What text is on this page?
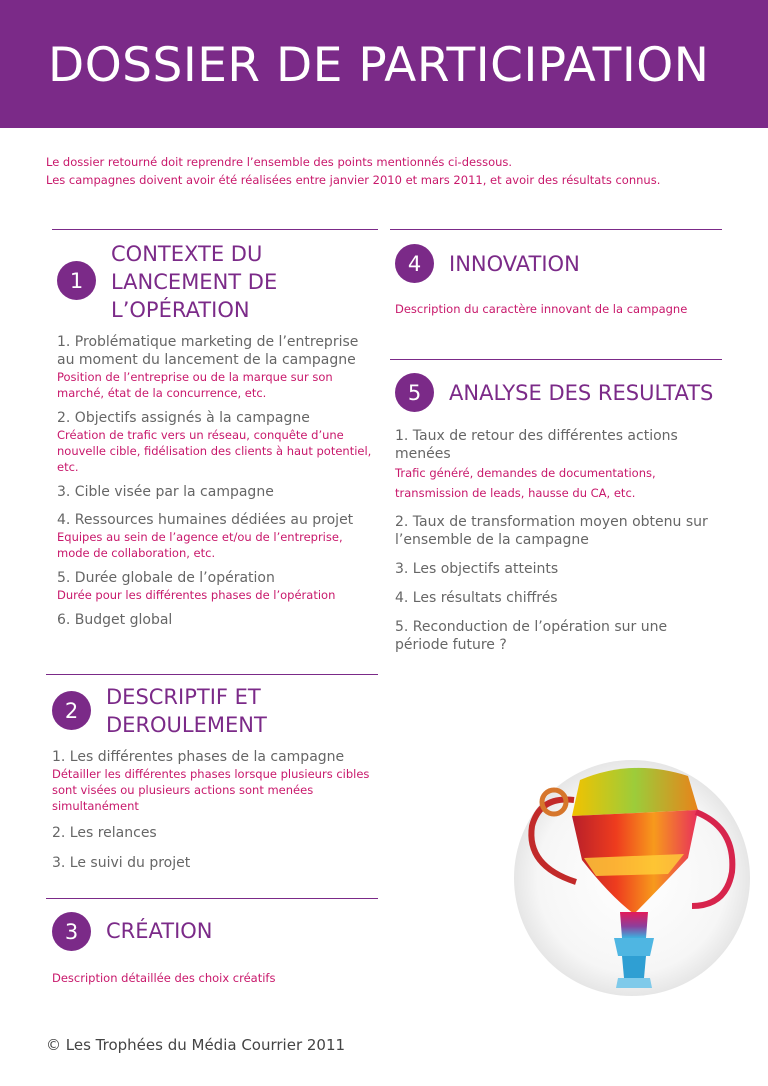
DOSSIER DE PARTICIPATION

Le dossier retourné doit reprendre l’ensemble des points mentionnés ci-dessous.

Les campagnes doivent avoir été réalisées entre janvier 2010 et mars 2011, et avoir des résultats connus.

1
CONTEXTE DU
LANCEMENT DE
L’OPÉRATION
1. Problématique marketing de l’entreprise au moment du lancement de la campagne
Position de l’entreprise ou de la marque sur son marché, état de la concurrence, etc.
2. Objectifs assignés à la campagne
Création de trafic vers un réseau, conquête d’une nouvelle cible, fidélisation des clients à haut potentiel, etc.
3. Cible visée par la campagne
4. Ressources humaines dédiées au projet
Equipes au sein de l’agence et/ou de l’entreprise, mode de collaboration, etc.
5. Durée globale de l’opération
Durée pour les différentes phases de l’opération
6. Budget global
2
DESCRIPTIF ET
DEROULEMENT
1. Les différentes phases de la campagne
Détailler les différentes phases lorsque plusieurs cibles sont visées ou plusieurs actions sont menées simultanément
2. Les relances
3. Le suivi du projet
3	CRÉATION
Description détaillée des choix créatifs
4	INNOVATION
Description du caractère innovant de la campagne
5	ANALYSE DES RESULTATS
1. Taux de retour des différentes actions menées
Trafic généré, demandes de documentations, transmission de leads, hausse du CA, etc.
2. Taux de transformation moyen obtenu sur l’ensemble de la campagne
3. Les objectifs atteints
4. Les résultats chiffrés
5. Reconduction de l’opération sur une période future ?
© Les Trophées du Média Courrier 2011
